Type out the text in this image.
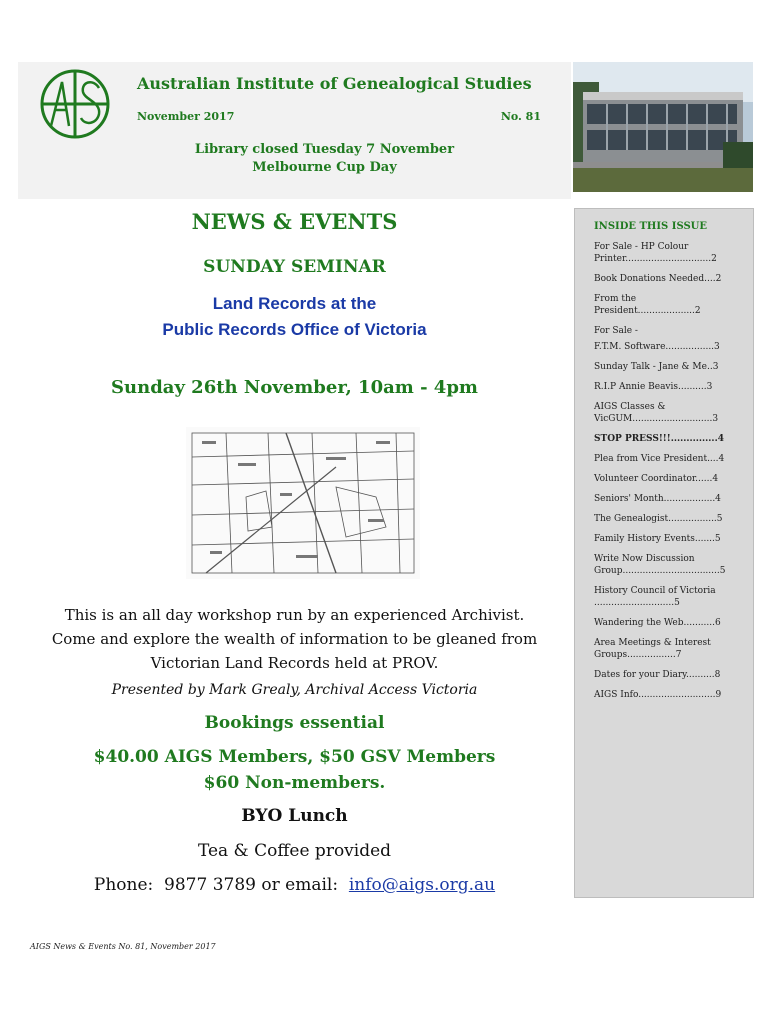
Australian Institute of Genealogical Studies
November 2017	No. 81
Library closed Tuesday 7 November
Melbourne Cup Day
INSIDE THIS ISSUE
For Sale - HP Colour Printer..............................2
Book Donations Needed....2
From the President....................2
For Sale -
F.T.M. Software.................3
Sunday Talk - Jane & Me..3
R.I.P Annie Beavis..........3
AIGS Classes & VicGUM............................3
STOP PRESS!!!...............4
Plea from Vice President....4
Volunteer Coordinator......4
Seniors' Month..................4
The Genealogist.................5
Family History Events.......5
Write Now Discussion Group..................................5
History Council of Victoria ............................5
Wandering the Web...........6
Area Meetings & Interest Groups.................7
Dates for your Diary..........8
AIGS Info...........................9
NEWS & EVENTS
SUNDAY SEMINAR
Land Records at the
Public Records Office of Victoria
Sunday 26th November, 10am - 4pm
This is an all day workshop run by an experienced Archivist.
Come and explore the wealth of information to be gleaned from
Victorian Land Records held at PROV.
Presented by Mark Grealy, Archival Access Victoria
Bookings essential
$40.00 AIGS Members, $50 GSV Members
$60 Non-members.
BYO Lunch
Tea & Coffee provided
Phone:  9877 3789 or email:  info@aigs.org.au
AIGS News & Events No. 81, November 2017
